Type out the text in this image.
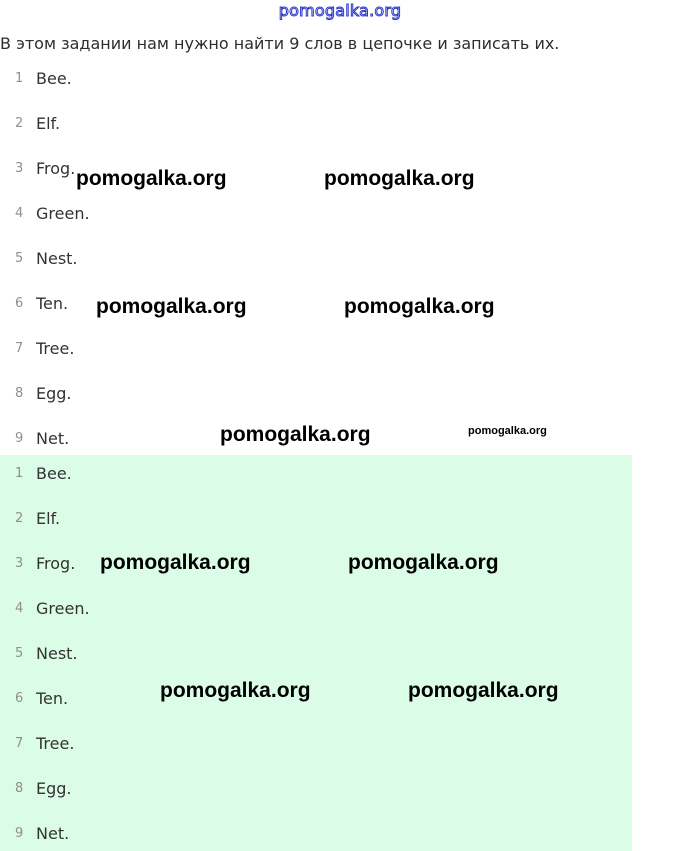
pomogalka.org

В этом задании нам нужно найти 9 слов в цепочке и записать их.

1 Bee.
2 Elf.
3 Frog.
4 Green.
5 Nest.
6 Ten.
7 Tree.
8 Egg.
9 Net.
1 Bee.
2 Elf.
3 Frog.
4 Green.
5 Nest.
6 Ten.
7 Tree.
8 Egg.
9 Net.
pomogalka.org	pomogalka.org
pomogalka.org	pomogalka.org
pomogalka.org	pomogalka.org
pomogalka.org	pomogalka.org
pomogalka.org	pomogalka.org
